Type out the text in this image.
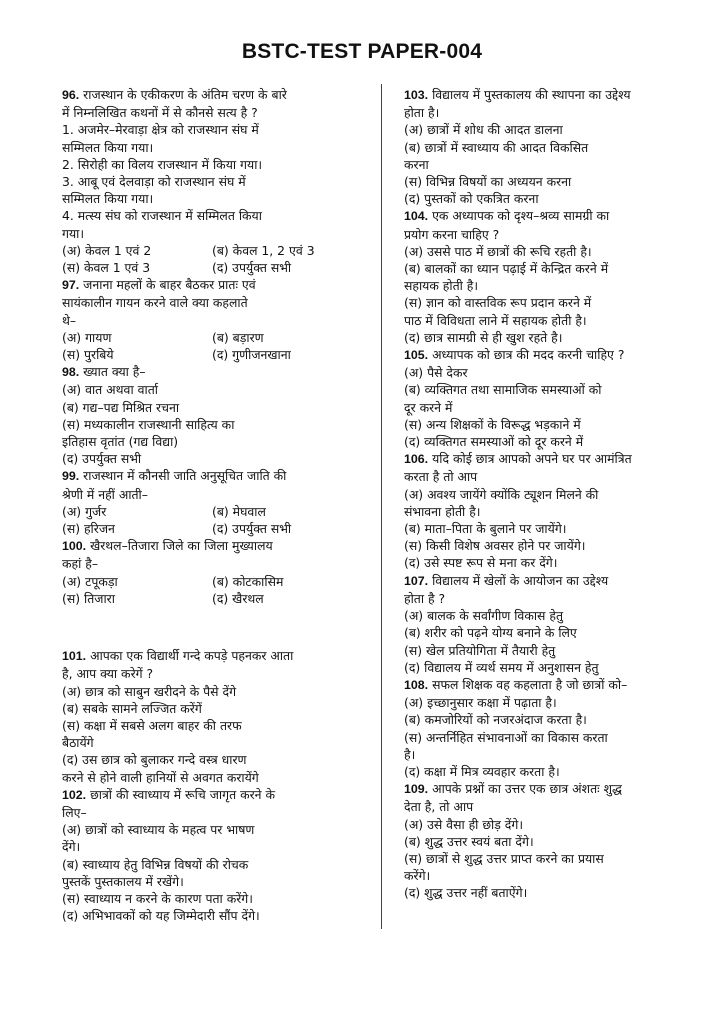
BSTC-TEST PAPER-004

96. राजस्थान के एकीकरण के अंतिम चरण के बारे

में निम्नलिखित कथनों में से कौनसे सत्य है ?

1. अजमेर–मेरवाड़ा क्षेत्र को राजस्थान संघ में

सम्मिलत किया गया।

2. सिरोही का विलय राजस्थान में किया गया।

3. आबू एवं देलवाड़ा को राजस्थान संघ में

सम्मिलत किया गया।

4. मत्स्य संघ को राजस्थान में सम्मिलत किया

गया।

(अ) केवल 1 एवं 2	(ब) केवल 1, 2 एवं 3
(स) केवल 1 एवं 3	(द) उपर्युक्त सभी

97. जनाना महलों के बाहर बैठकर प्रातः एवं

सायंकालीन गायन करने वाले क्या कहलाते

थे–

(अ) गायण	(ब) बड़ारण
(स) पुरबिये	(द) गुणीजनखाना

98. ख्यात क्या है–

(अ) वात अथवा वार्ता

(ब) गद्य–पद्य मिश्रित रचना

(स) मध्यकालीन राजस्थानी साहित्य का

इतिहास वृतांत (गद्य विद्या)

(द) उपर्युक्त सभी

99. राजस्थान में कौनसी जाति अनुसूचित जाति की

श्रेणी में नहीं आती–

(अ) गुर्जर	(ब) मेघवाल
(स) हरिजन	(द) उपर्युक्त सभी

100. खैरथल–तिजारा जिले का जिला मुख्यालय

कहां है–

(अ) टपूकड़ा	(ब) कोटकासिम
(स) तिजारा	(द) खैरथल

101. आपका एक विद्यार्थी गन्दे कपड़े पहनकर आता

है, आप क्या करेगें ?

(अ) छात्र को साबुन खरीदने के पैसे देंगे

(ब) सबके सामने लज्जित करेंगें

(स) कक्षा में सबसे अलग बाहर की तरफ

बैठायेंगे

(द) उस छात्र को बुलाकर गन्दे वस्त्र धारण

करने से होने वाली हानियों से अवगत करायेंगे

102. छात्रों की स्वाध्याय में रूचि जागृत करने के

लिए–

(अ) छात्रों को स्वाध्याय के महत्व पर भाषण

देंगे।

(ब) स्वाध्याय हेतु विभिन्न विषयों की रोचक

पुस्तकें पुस्तकालय में रखेंगे।

(स) स्वाध्याय न करने के कारण पता करेंगे।

(द) अभिभावकों को यह जिम्मेदारी सौंप देंगे।

103. विद्यालय में पुस्तकालय की स्थापना का उद्देश्य

होता है।

(अ) छात्रों में शोध की आदत डालना

(ब) छात्रों में स्वाध्याय की आदत विकसित

करना

(स) विभिन्न विषयों का अध्ययन करना

(द) पुस्तकों को एकत्रित करना

104. एक अध्यापक को दृश्य–श्रव्य सामग्री का

प्रयोग करना चाहिए ?

(अ) उससे पाठ में छात्रों की रूचि रहती है।

(ब) बालकों का ध्यान पढ़ाई में केन्द्रित करने में

सहायक होती है।

(स) ज्ञान को वास्तविक रूप प्रदान करने में

पाठ में विविधता लाने में सहायक होती है।

(द) छात्र सामग्री से ही खुश रहते है।

105. अध्यापक को छात्र की मदद करनी चाहिए ?

(अ) पैसे देकर

(ब) व्यक्तिगत तथा सामाजिक समस्याओं को

दूर करने में

(स) अन्य शिक्षकों के विरूद्ध भड़काने में

(द) व्यक्तिगत समस्याओं को दूर करने में

106. यदि कोई छात्र आपको अपने घर पर आमंत्रित

करता है तो आप

(अ) अवश्य जायेंगे क्योंकि ट्यूशन मिलने की

संभावना होती है।

(ब) माता–पिता के बुलाने पर जायेंगे।

(स) किसी विशेष अवसर होने पर जायेंगे।

(द) उसे स्पष्ट रूप से मना कर देंगे।

107. विद्यालय में खेलों के आयोजन का उद्देश्य

होता है ?

(अ) बालक के सर्वांगीण विकास हेतु

(ब) शरीर को पढ़ने योग्य बनाने के लिए

(स) खेल प्रतियोगिता में तैयारी हेतु

(द) विद्यालय में व्यर्थ समय में अनुशासन हेतु

108. सफल शिक्षक वह कहलाता है जो छात्रों को–

(अ) इच्छानुसार कक्षा में पढ़ाता है।

(ब) कमजोरियों को नजरअंदाज करता है।

(स) अन्तर्निहित संभावनाओं का विकास करता

है।

(द) कक्षा में मित्र व्यवहार करता है।

109. आपके प्रश्नों का उत्तर एक छात्र अंशतः शुद्ध

देता है, तो आप

(अ) उसे वैसा ही छोड़ देंगे।

(ब) शुद्ध उत्तर स्वयं बता देंगे।

(स) छात्रों से शुद्ध उत्तर प्राप्त करने का प्रयास

करेंगे।

(द) शुद्ध उत्तर नहीं बताऐंगे।
